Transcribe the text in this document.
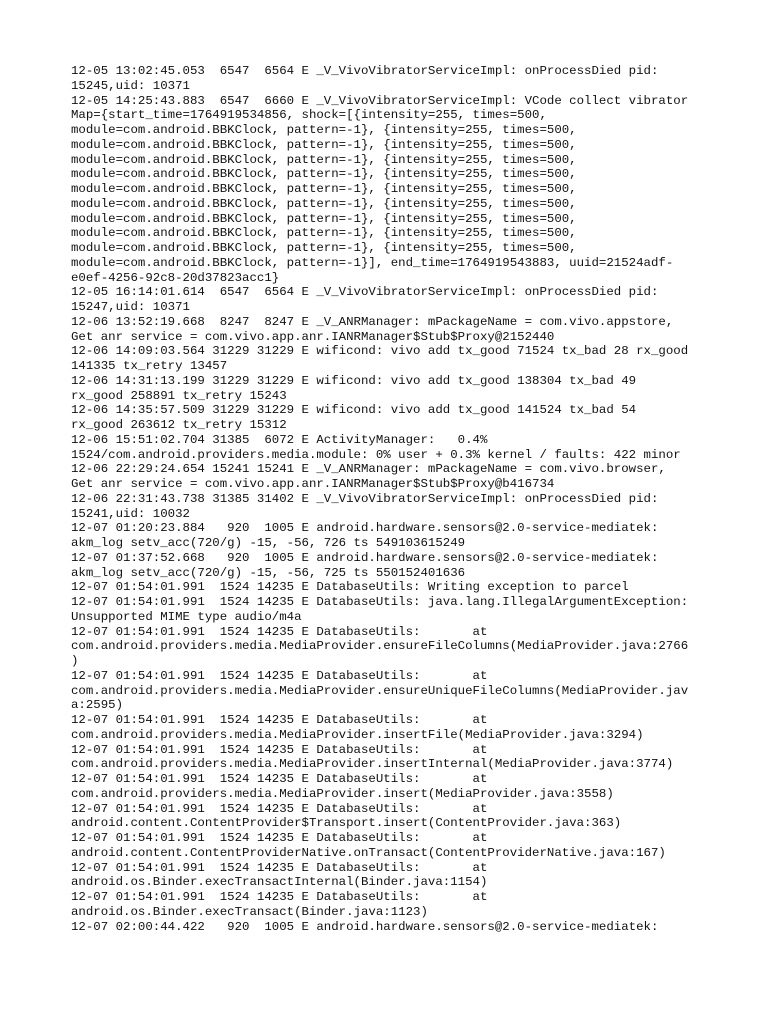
12-05 13:02:45.053  6547  6564 E _V_VivoVibratorServiceImpl: onProcessDied pid:
15245,uid: 10371
12-05 14:25:43.883  6547  6660 E _V_VivoVibratorServiceImpl: VCode collect vibrator
Map={start_time=1764919534856, shock=[{intensity=255, times=500,
module=com.android.BBKClock, pattern=-1}, {intensity=255, times=500,
module=com.android.BBKClock, pattern=-1}, {intensity=255, times=500,
module=com.android.BBKClock, pattern=-1}, {intensity=255, times=500,
module=com.android.BBKClock, pattern=-1}, {intensity=255, times=500,
module=com.android.BBKClock, pattern=-1}, {intensity=255, times=500,
module=com.android.BBKClock, pattern=-1}, {intensity=255, times=500,
module=com.android.BBKClock, pattern=-1}, {intensity=255, times=500,
module=com.android.BBKClock, pattern=-1}, {intensity=255, times=500,
module=com.android.BBKClock, pattern=-1}, {intensity=255, times=500,
module=com.android.BBKClock, pattern=-1}], end_time=1764919543883, uuid=21524adf-
e0ef-4256-92c8-20d37823acc1}
12-05 16:14:01.614  6547  6564 E _V_VivoVibratorServiceImpl: onProcessDied pid:
15247,uid: 10371
12-06 13:52:19.668  8247  8247 E _V_ANRManager: mPackageName = com.vivo.appstore,
Get anr service = com.vivo.app.anr.IANRManager$Stub$Proxy@2152440
12-06 14:09:03.564 31229 31229 E wificond: vivo add tx_good 71524 tx_bad 28 rx_good
141335 tx_retry 13457
12-06 14:31:13.199 31229 31229 E wificond: vivo add tx_good 138304 tx_bad 49
rx_good 258891 tx_retry 15243
12-06 14:35:57.509 31229 31229 E wificond: vivo add tx_good 141524 tx_bad 54
rx_good 263612 tx_retry 15312
12-06 15:51:02.704 31385  6072 E ActivityManager:   0.4%
1524/com.android.providers.media.module: 0% user + 0.3% kernel / faults: 422 minor
12-06 22:29:24.654 15241 15241 E _V_ANRManager: mPackageName = com.vivo.browser,
Get anr service = com.vivo.app.anr.IANRManager$Stub$Proxy@b416734
12-06 22:31:43.738 31385 31402 E _V_VivoVibratorServiceImpl: onProcessDied pid:
15241,uid: 10032
12-07 01:20:23.884   920  1005 E android.hardware.sensors@2.0-service-mediatek:
akm_log setv_acc(720/g) -15, -56, 726 ts 549103615249
12-07 01:37:52.668   920  1005 E android.hardware.sensors@2.0-service-mediatek:
akm_log setv_acc(720/g) -15, -56, 725 ts 550152401636
12-07 01:54:01.991  1524 14235 E DatabaseUtils: Writing exception to parcel
12-07 01:54:01.991  1524 14235 E DatabaseUtils: java.lang.IllegalArgumentException:
Unsupported MIME type audio/m4a
12-07 01:54:01.991  1524 14235 E DatabaseUtils:       at
com.android.providers.media.MediaProvider.ensureFileColumns(MediaProvider.java:2766
)
12-07 01:54:01.991  1524 14235 E DatabaseUtils:       at
com.android.providers.media.MediaProvider.ensureUniqueFileColumns(MediaProvider.jav
a:2595)
12-07 01:54:01.991  1524 14235 E DatabaseUtils:       at
com.android.providers.media.MediaProvider.insertFile(MediaProvider.java:3294)
12-07 01:54:01.991  1524 14235 E DatabaseUtils:       at
com.android.providers.media.MediaProvider.insertInternal(MediaProvider.java:3774)
12-07 01:54:01.991  1524 14235 E DatabaseUtils:       at
com.android.providers.media.MediaProvider.insert(MediaProvider.java:3558)
12-07 01:54:01.991  1524 14235 E DatabaseUtils:       at
android.content.ContentProvider$Transport.insert(ContentProvider.java:363)
12-07 01:54:01.991  1524 14235 E DatabaseUtils:       at
android.content.ContentProviderNative.onTransact(ContentProviderNative.java:167)
12-07 01:54:01.991  1524 14235 E DatabaseUtils:       at
android.os.Binder.execTransactInternal(Binder.java:1154)
12-07 01:54:01.991  1524 14235 E DatabaseUtils:       at
android.os.Binder.execTransact(Binder.java:1123)
12-07 02:00:44.422   920  1005 E android.hardware.sensors@2.0-service-mediatek:
